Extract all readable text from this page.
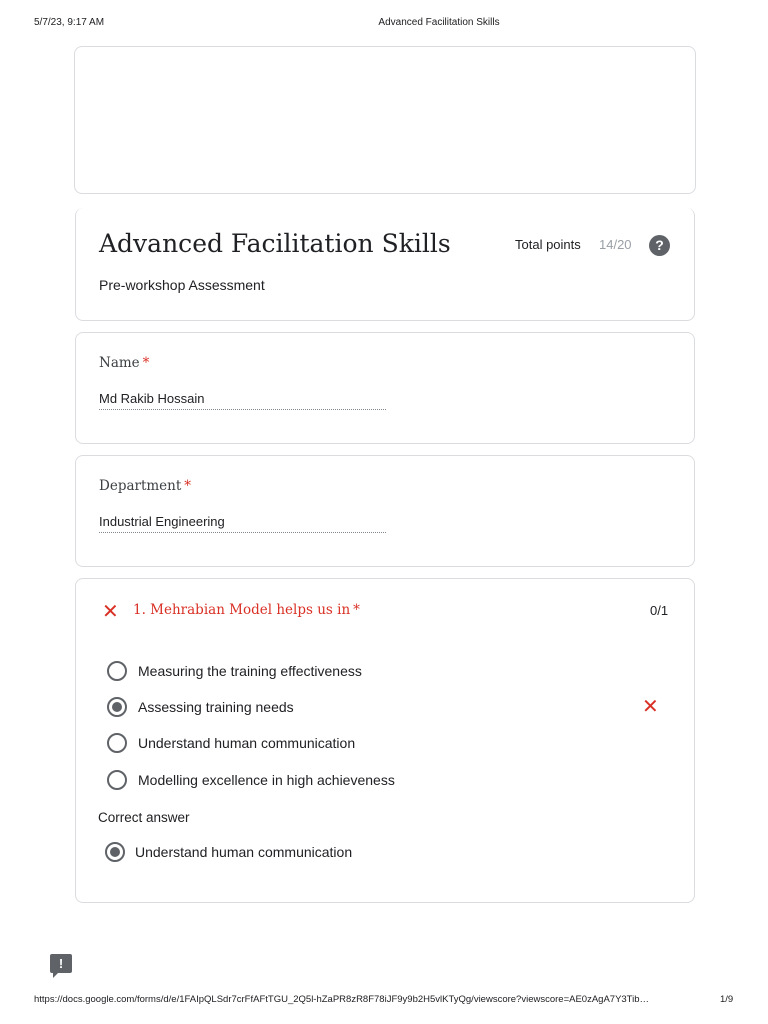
5/7/23, 9:17 AM	Advanced Facilitation Skills
Advanced Facilitation Skills
Pre-workshop Assessment
Total points 14/20	?
Name *
Md Rakib Hossain
Department *
Industrial Engineering
✕ 1. Mehrabian Model helps us in *	0/1
Measuring the training effectiveness
Assessing training needs	✕
Understand human communication
Modelling excellence in high achieveness
Correct answer
Understand human communication
!
https://docs.google.com/forms/d/e/1FAIpQLSdr7crFfAFtTGU_2Q5l-hZaPR8zR8F78iJF9y9b2H5vlKTyQg/viewscore?viewscore=AE0zAgA7Y3Tib…	1/9
